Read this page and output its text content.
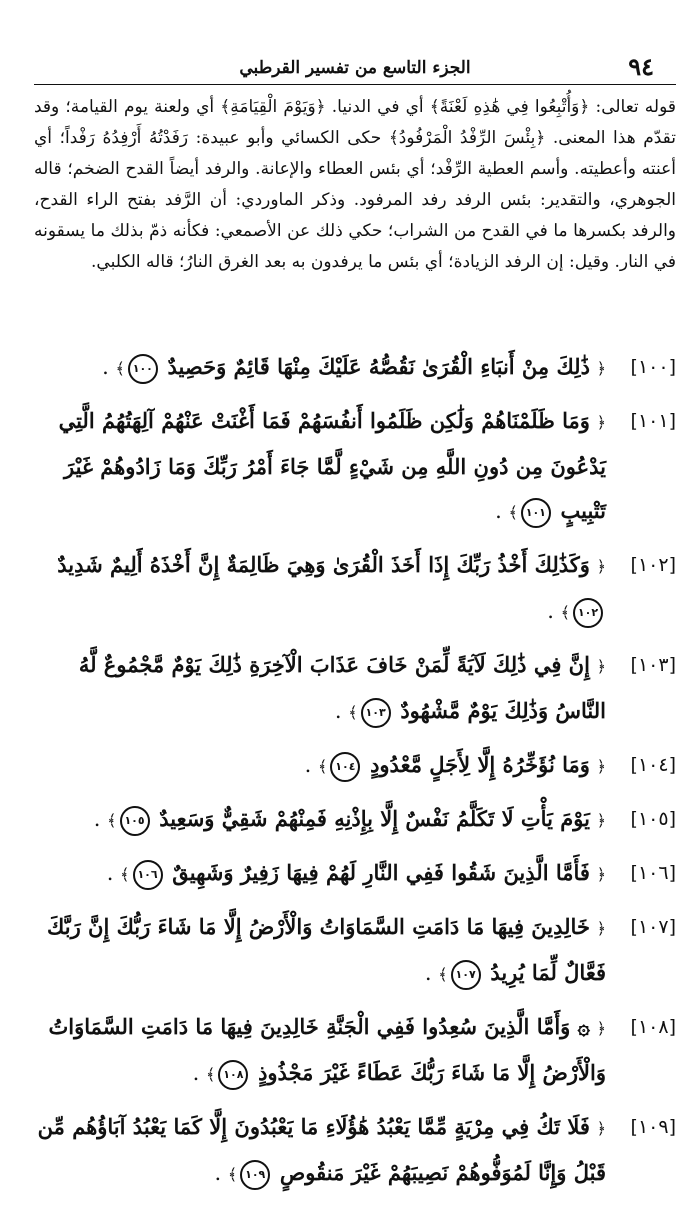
٩٤
الجزء التاسع من تفسير القرطبي

قوله تعالى: ﴿وَأُتْبِعُوا فِي هَٰذِهِ لَعْنَةً﴾ أي في الدنيا. ﴿وَيَوْمَ الْقِيَامَةِ﴾ أي ولعنة يوم القيامة؛ وقد تقدّم هذا المعنى. ﴿بِئْسَ الرِّفْدُ الْمَرْفُودُ﴾ حكى الكسائي وأبو عبيدة: رَفَدْتُهُ أَرْفِدُهُ رَفْداً؛ أي أعنته وأعطيته. وأسم العطية الرِّفْد؛ أي بئس العطاء والإعانة. والرفد أيضاً القدح الضخم؛ قاله الجوهري، والتقدير: بئس الرفد رفد المرفود. وذكر الماوردي: أن الرَّفد بفتح الراء القدح، والرفد بكسرها ما في القدح من الشراب؛ حكي ذلك عن الأصمعي: فكأنه ذمّ بذلك ما يسقونه في النار. وقيل: إن الرفد الزيادة؛ أي بئس ما يرفدون به بعد الغرق النارُ؛ قاله الكلبي.

[١٠٠]
﴿ ذَٰلِكَ مِنْ أَنبَاءِ الْقُرَىٰ نَقُصُّهُ عَلَيْكَ مِنْهَا قَائِمٌ وَحَصِيدٌ ١٠٠﴾ .
[١٠١]
﴿ وَمَا ظَلَمْنَاهُمْ وَلَٰكِن ظَلَمُوا أَنفُسَهُمْ فَمَا أَغْنَتْ عَنْهُمْ آلِهَتُهُمُ الَّتِي يَدْعُونَ مِن دُونِ اللَّهِ مِن شَيْءٍ لَّمَّا جَاءَ أَمْرُ رَبِّكَ وَمَا زَادُوهُمْ غَيْرَ تَتْبِيبٍ ١٠١﴾ .
[١٠٢]
﴿ وَكَذَٰلِكَ أَخْذُ رَبِّكَ إِذَا أَخَذَ الْقُرَىٰ وَهِيَ ظَالِمَةٌ إِنَّ أَخْذَهُ أَلِيمٌ شَدِيدٌ ١٠٢﴾ .
[١٠٣]
﴿ إِنَّ فِي ذَٰلِكَ لَآيَةً لِّمَنْ خَافَ عَذَابَ الْآخِرَةِ ذَٰلِكَ يَوْمٌ مَّجْمُوعٌ لَّهُ النَّاسُ وَذَٰلِكَ يَوْمٌ مَّشْهُودٌ ١٠٣﴾ .
[١٠٤]
﴿ وَمَا نُؤَخِّرُهُ إِلَّا لِأَجَلٍ مَّعْدُودٍ ١٠٤﴾ .
[١٠٥]
﴿ يَوْمَ يَأْتِ لَا تَكَلَّمُ نَفْسٌ إِلَّا بِإِذْنِهِ فَمِنْهُمْ شَقِيٌّ وَسَعِيدٌ ١٠٥﴾ .
[١٠٦]
﴿ فَأَمَّا الَّذِينَ شَقُوا فَفِي النَّارِ لَهُمْ فِيهَا زَفِيرٌ وَشَهِيقٌ ١٠٦﴾ .
[١٠٧]
﴿ خَالِدِينَ فِيهَا مَا دَامَتِ السَّمَاوَاتُ وَالْأَرْضُ إِلَّا مَا شَاءَ رَبُّكَ إِنَّ رَبَّكَ فَعَّالٌ لِّمَا يُرِيدُ ١٠٧﴾ .
[١٠٨]
﴿ ۞ وَأَمَّا الَّذِينَ سُعِدُوا فَفِي الْجَنَّةِ خَالِدِينَ فِيهَا مَا دَامَتِ السَّمَاوَاتُ وَالْأَرْضُ إِلَّا مَا شَاءَ رَبُّكَ عَطَاءً غَيْرَ مَجْذُوذٍ ١٠٨﴾ .
[١٠٩]
﴿ فَلَا تَكُ فِي مِرْيَةٍ مِّمَّا يَعْبُدُ هَٰؤُلَاءِ مَا يَعْبُدُونَ إِلَّا كَمَا يَعْبُدُ آبَاؤُهُم مِّن قَبْلُ وَإِنَّا لَمُوَفُّوهُمْ نَصِيبَهُمْ غَيْرَ مَنقُوصٍ ١٠٩﴾ .
